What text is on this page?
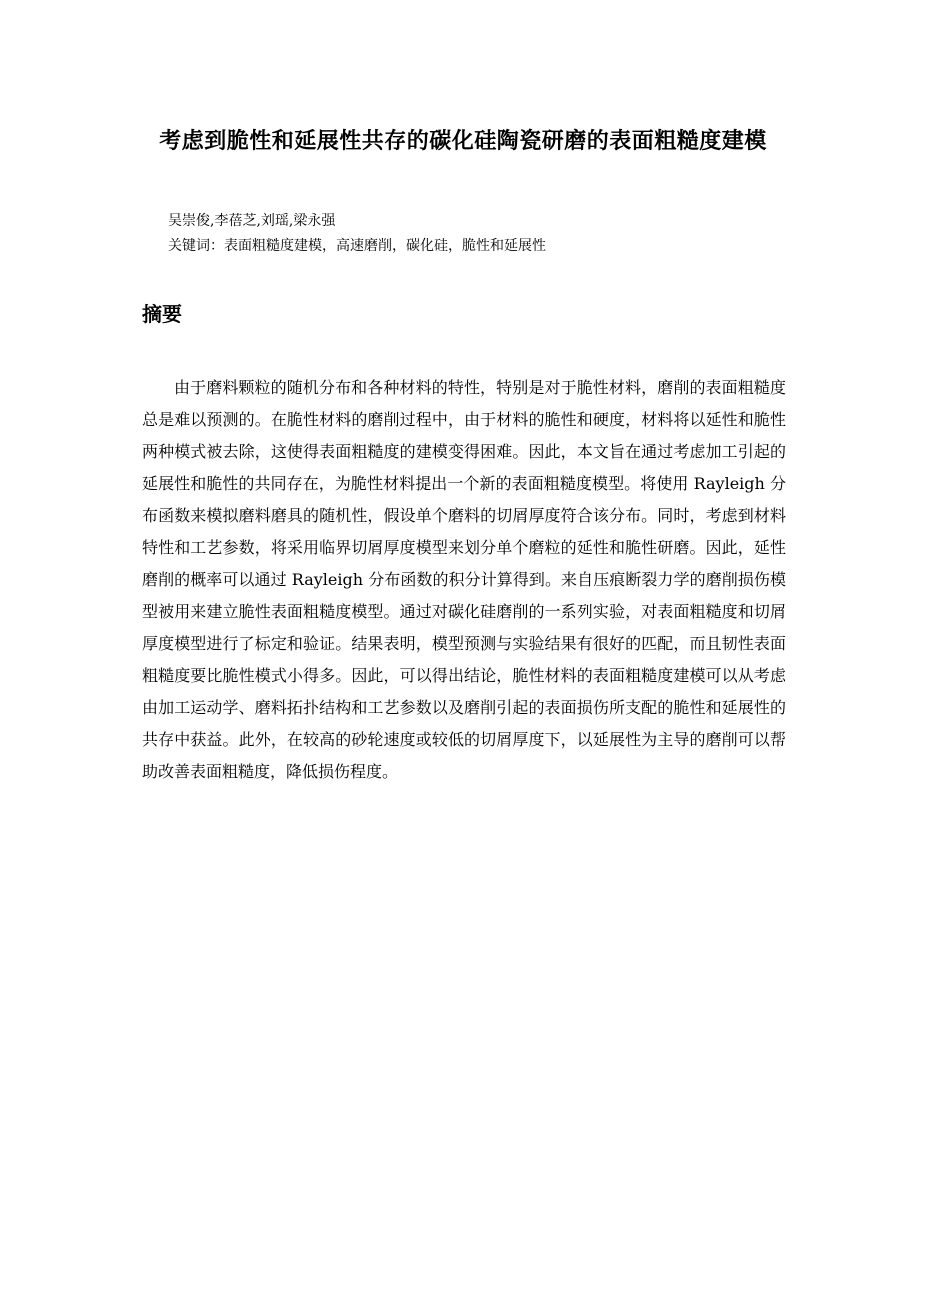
考虑到脆性和延展性共存的碳化硅陶瓷研磨的表面粗糙度建模
吴崇俊,李蓓芝,刘瑶,梁永强
关键词：表面粗糙度建模，高速磨削，碳化硅，脆性和延展性
摘要

由于磨料颗粒的随机分布和各种材料的特性，特别是对于脆性材料，磨削的表面粗糙度总是难以预测的。在脆性材料的磨削过程中，由于材料的脆性和硬度，材料将以延性和脆性两种模式被去除，这使得表面粗糙度的建模变得困难。因此，本文旨在通过考虑加工引起的延展性和脆性的共同存在，为脆性材料提出一个新的表面粗糙度模型。将使用 Rayleigh 分布函数来模拟磨料磨具的随机性，假设单个磨料的切屑厚度符合该分布。同时，考虑到材料特性和工艺参数，将采用临界切屑厚度模型来划分单个磨粒的延性和脆性研磨。因此，延性磨削的概率可以通过 Rayleigh 分布函数的积分计算得到。来自压痕断裂力学的磨削损伤模型被用来建立脆性表面粗糙度模型。通过对碳化硅磨削的一系列实验，对表面粗糙度和切屑厚度模型进行了标定和验证。结果表明，模型预测与实验结果有很好的匹配，而且韧性表面粗糙度要比脆性模式小得多。因此，可以得出结论，脆性材料的表面粗糙度建模可以从考虑由加工运动学、磨料拓扑结构和工艺参数以及磨削引起的表面损伤所支配的脆性和延展性的共存中获益。此外，在较高的砂轮速度或较低的切屑厚度下，以延展性为主导的磨削可以帮助改善表面粗糙度，降低损伤程度。
